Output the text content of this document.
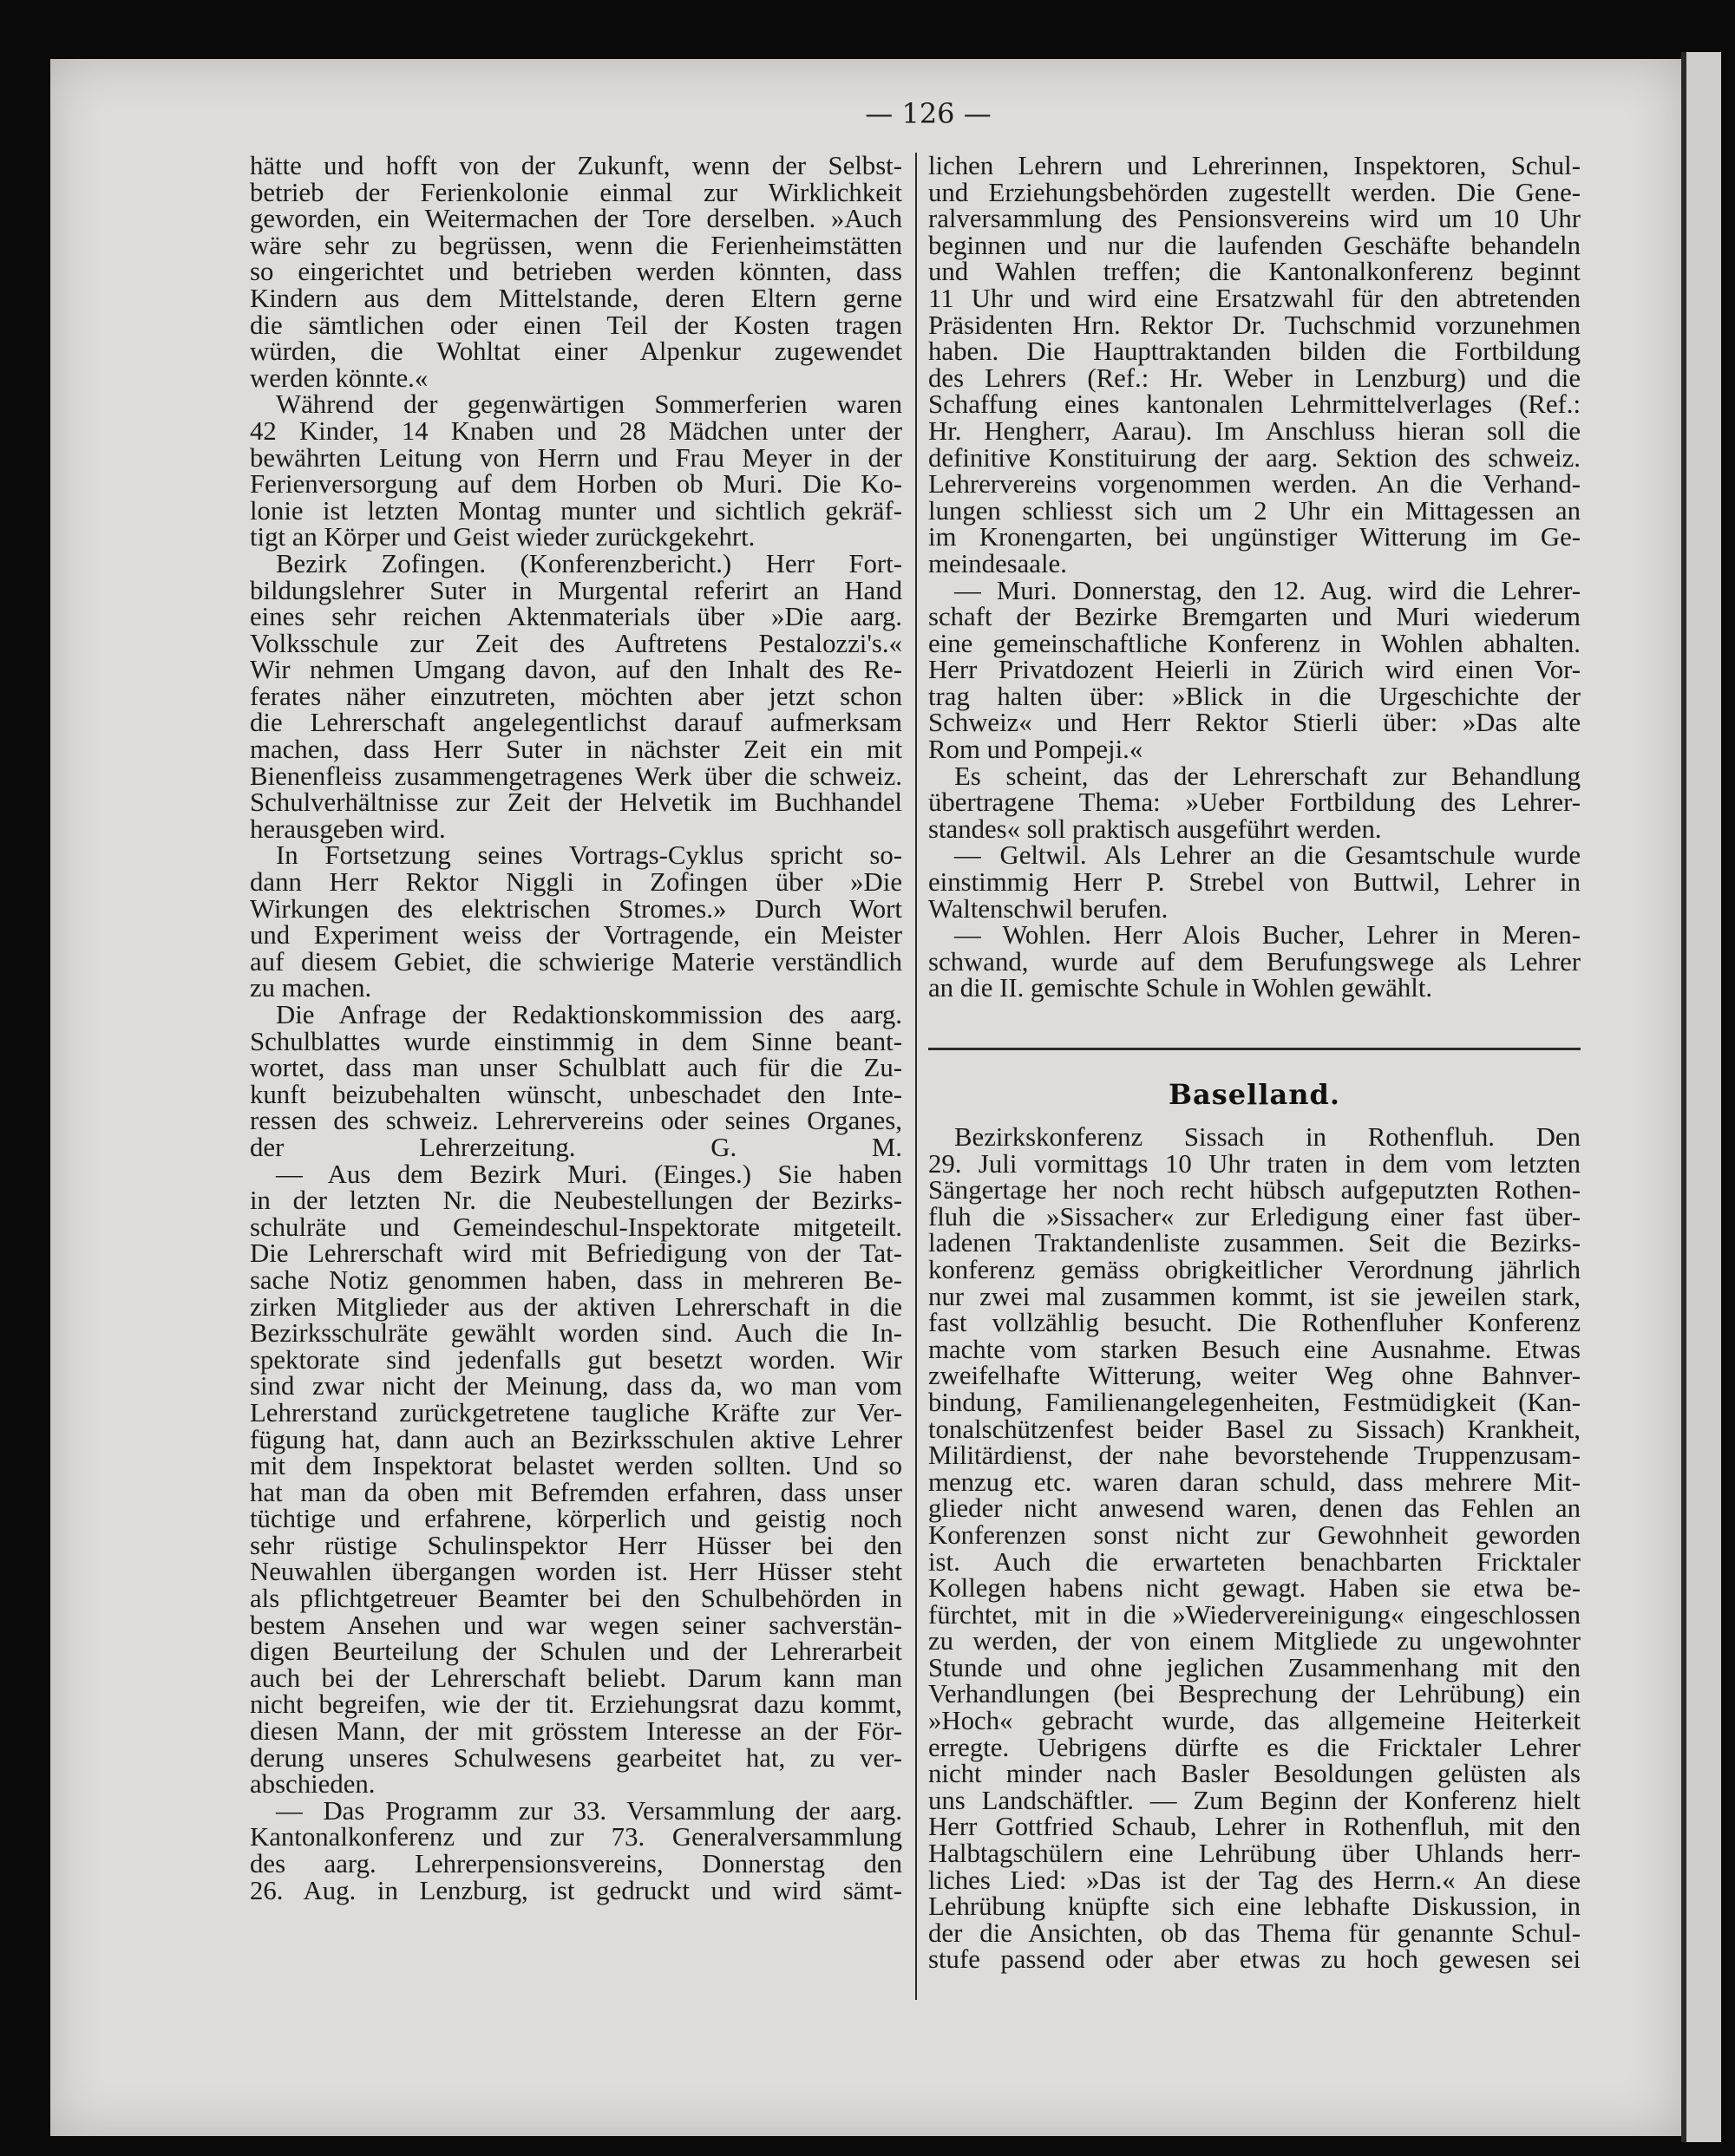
— 126 —
hätte und hofft von der Zukunft, wenn der Selbst-
betrieb der Ferienkolonie einmal zur Wirklichkeit
geworden, ein Weitermachen der Tore derselben. »Auch
wäre sehr zu begrüssen, wenn die Ferienheimstätten
so eingerichtet und betrieben werden könnten, dass
Kindern aus dem Mittelstande, deren Eltern gerne
die sämtlichen oder einen Teil der Kosten tragen
würden, die Wohltat einer Alpenkur zugewendet
werden könnte.«
Während der gegenwärtigen Sommerferien waren
42 Kinder, 14 Knaben und 28 Mädchen unter der
bewährten Leitung von Herrn und Frau Meyer in der
Ferienversorgung auf dem Horben ob Muri. Die Ko-
lonie ist letzten Montag munter und sichtlich gekräf-
tigt an Körper und Geist wieder zurückgekehrt.
Bezirk Zofingen. (Konferenzbericht.) Herr Fort-
bildungslehrer Suter in Murgental referirt an Hand
eines sehr reichen Aktenmaterials über »Die aarg.
Volksschule zur Zeit des Auftretens Pestalozzi's.«
Wir nehmen Umgang davon, auf den Inhalt des Re-
ferates näher einzutreten, möchten aber jetzt schon
die Lehrerschaft angelegentlichst darauf aufmerksam
machen, dass Herr Suter in nächster Zeit ein mit
Bienenfleiss zusammengetragenes Werk über die schweiz.
Schulverhältnisse zur Zeit der Helvetik im Buchhandel
herausgeben wird.
In Fortsetzung seines Vortrags-Cyklus spricht so-
dann Herr Rektor Niggli in Zofingen über »Die
Wirkungen des elektrischen Stromes.» Durch Wort
und Experiment weiss der Vortragende, ein Meister
auf diesem Gebiet, die schwierige Materie verständlich
zu machen.
Die Anfrage der Redaktionskommission des aarg.
Schulblattes wurde einstimmig in dem Sinne beant-
wortet, dass man unser Schulblatt auch für die Zu-
kunft beizubehalten wünscht, unbeschadet den Inte-
ressen des schweiz. Lehrervereins oder seines Organes,
der Lehrerzeitung. G. M.
— Aus dem Bezirk Muri. (Einges.) Sie haben
in der letzten Nr. die Neubestellungen der Bezirks-
schulräte und Gemeindeschul-Inspektorate mitgeteilt.
Die Lehrerschaft wird mit Befriedigung von der Tat-
sache Notiz genommen haben, dass in mehreren Be-
zirken Mitglieder aus der aktiven Lehrerschaft in die
Bezirksschulräte gewählt worden sind. Auch die In-
spektorate sind jedenfalls gut besetzt worden. Wir
sind zwar nicht der Meinung, dass da, wo man vom
Lehrerstand zurückgetretene taugliche Kräfte zur Ver-
fügung hat, dann auch an Bezirksschulen aktive Lehrer
mit dem Inspektorat belastet werden sollten. Und so
hat man da oben mit Befremden erfahren, dass unser
tüchtige und erfahrene, körperlich und geistig noch
sehr rüstige Schulinspektor Herr Hüsser bei den
Neuwahlen übergangen worden ist. Herr Hüsser steht
als pflichtgetreuer Beamter bei den Schulbehörden in
bestem Ansehen und war wegen seiner sachverstän-
digen Beurteilung der Schulen und der Lehrerarbeit
auch bei der Lehrerschaft beliebt. Darum kann man
nicht begreifen, wie der tit. Erziehungsrat dazu kommt,
diesen Mann, der mit grösstem Interesse an der För-
derung unseres Schulwesens gearbeitet hat, zu ver-
abschieden.
— Das Programm zur 33. Versammlung der aarg.
Kantonalkonferenz und zur 73. Generalversammlung
des aarg. Lehrerpensionsvereins, Donnerstag den
26. Aug. in Lenzburg, ist gedruckt und wird sämt-
lichen Lehrern und Lehrerinnen, Inspektoren, Schul-
und Erziehungsbehörden zugestellt werden. Die Gene-
ralversammlung des Pensionsvereins wird um 10 Uhr
beginnen und nur die laufenden Geschäfte behandeln
und Wahlen treffen; die Kantonalkonferenz beginnt
11 Uhr und wird eine Ersatzwahl für den abtretenden
Präsidenten Hrn. Rektor Dr. Tuchschmid vorzunehmen
haben. Die Haupttraktanden bilden die Fortbildung
des Lehrers (Ref.: Hr. Weber in Lenzburg) und die
Schaffung eines kantonalen Lehrmittelverlages (Ref.:
Hr. Hengherr, Aarau). Im Anschluss hieran soll die
definitive Konstituirung der aarg. Sektion des schweiz.
Lehrervereins vorgenommen werden. An die Verhand-
lungen schliesst sich um 2 Uhr ein Mittagessen an
im Kronengarten, bei ungünstiger Witterung im Ge-
meindesaale.
— Muri. Donnerstag, den 12. Aug. wird die Lehrer-
schaft der Bezirke Bremgarten und Muri wiederum
eine gemeinschaftliche Konferenz in Wohlen abhalten.
Herr Privatdozent Heierli in Zürich wird einen Vor-
trag halten über: »Blick in die Urgeschichte der
Schweiz« und Herr Rektor Stierli über: »Das alte
Rom und Pompeji.«
Es scheint, das der Lehrerschaft zur Behandlung
übertragene Thema: »Ueber Fortbildung des Lehrer-
standes« soll praktisch ausgeführt werden.
— Geltwil. Als Lehrer an die Gesamtschule wurde
einstimmig Herr P. Strebel von Buttwil, Lehrer in
Waltenschwil berufen.
— Wohlen. Herr Alois Bucher, Lehrer in Meren-
schwand, wurde auf dem Berufungswege als Lehrer
an die II. gemischte Schule in Wohlen gewählt.
Baselland.
Bezirkskonferenz Sissach in Rothenfluh. Den
29. Juli vormittags 10 Uhr traten in dem vom letzten
Sängertage her noch recht hübsch aufgeputzten Rothen-
fluh die »Sissacher« zur Erledigung einer fast über-
ladenen Traktandenliste zusammen. Seit die Bezirks-
konferenz gemäss obrigkeitlicher Verordnung jährlich
nur zwei mal zusammen kommt, ist sie jeweilen stark,
fast vollzählig besucht. Die Rothenfluher Konferenz
machte vom starken Besuch eine Ausnahme. Etwas
zweifelhafte Witterung, weiter Weg ohne Bahnver-
bindung, Familienangelegenheiten, Festmüdigkeit (Kan-
tonalschützenfest beider Basel zu Sissach) Krankheit,
Militärdienst, der nahe bevorstehende Truppenzusam-
menzug etc. waren daran schuld, dass mehrere Mit-
glieder nicht anwesend waren, denen das Fehlen an
Konferenzen sonst nicht zur Gewohnheit geworden
ist. Auch die erwarteten benachbarten Fricktaler
Kollegen habens nicht gewagt. Haben sie etwa be-
fürchtet, mit in die »Wiedervereinigung« eingeschlossen
zu werden, der von einem Mitgliede zu ungewohnter
Stunde und ohne jeglichen Zusammenhang mit den
Verhandlungen (bei Besprechung der Lehrübung) ein
»Hoch« gebracht wurde, das allgemeine Heiterkeit
erregte. Uebrigens dürfte es die Fricktaler Lehrer
nicht minder nach Basler Besoldungen gelüsten als
uns Landschäftler. — Zum Beginn der Konferenz hielt
Herr Gottfried Schaub, Lehrer in Rothenfluh, mit den
Halbtagschülern eine Lehrübung über Uhlands herr-
liches Lied: »Das ist der Tag des Herrn.« An diese
Lehrübung knüpfte sich eine lebhafte Diskussion, in
der die Ansichten, ob das Thema für genannte Schul-
stufe passend oder aber etwas zu hoch gewesen sei
